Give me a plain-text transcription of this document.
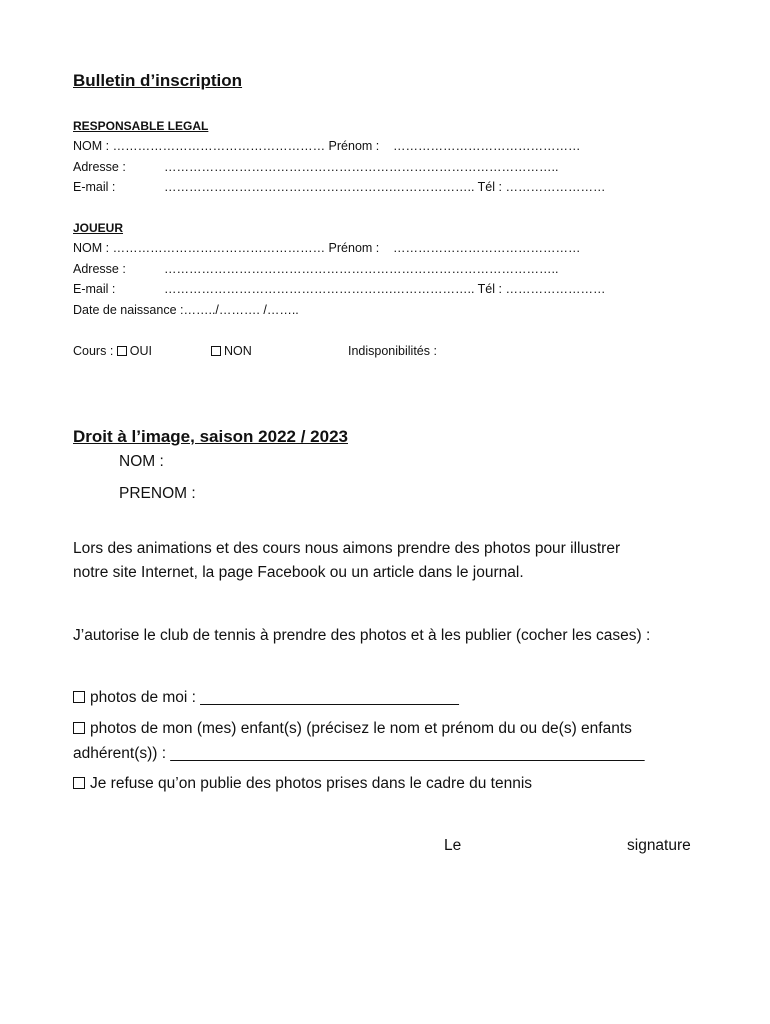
Bulletin d’inscription
RESPONSABLE LEGAL
NOM : …………………………………………… Prénom : ………………………………………
Adresse :	…………………………………………………………………………………..
E-mail :	……………………………………………….……………….. Tél : ……………………
JOUEUR
NOM : …………………………………………… Prénom : ………………………………………
Adresse :	…………………………………………………………………………………..
E-mail :	……………………………………………….……………….. Tél : ……………………
Date de naissance :……../………. /……..
Cours : OUI	NON	Indisponibilités :
Droit à l’image, saison 2022 / 2023
NOM :
PRENOM :
Lors des animations et des cours nous aimons prendre des photos pour illustrer
notre site Internet, la page Facebook ou un article dans le journal.
J’autorise le club de tennis à prendre des photos et à les publier (cocher les cases) :
photos de moi : ______________________________
photos de mon (mes) enfant(s) (précisez le nom et prénom du ou de(s) enfants
adhérent(s)) : _______________________________________________________
Je refuse qu’on publie des photos prises dans le cadre du tennis
Le	signature
